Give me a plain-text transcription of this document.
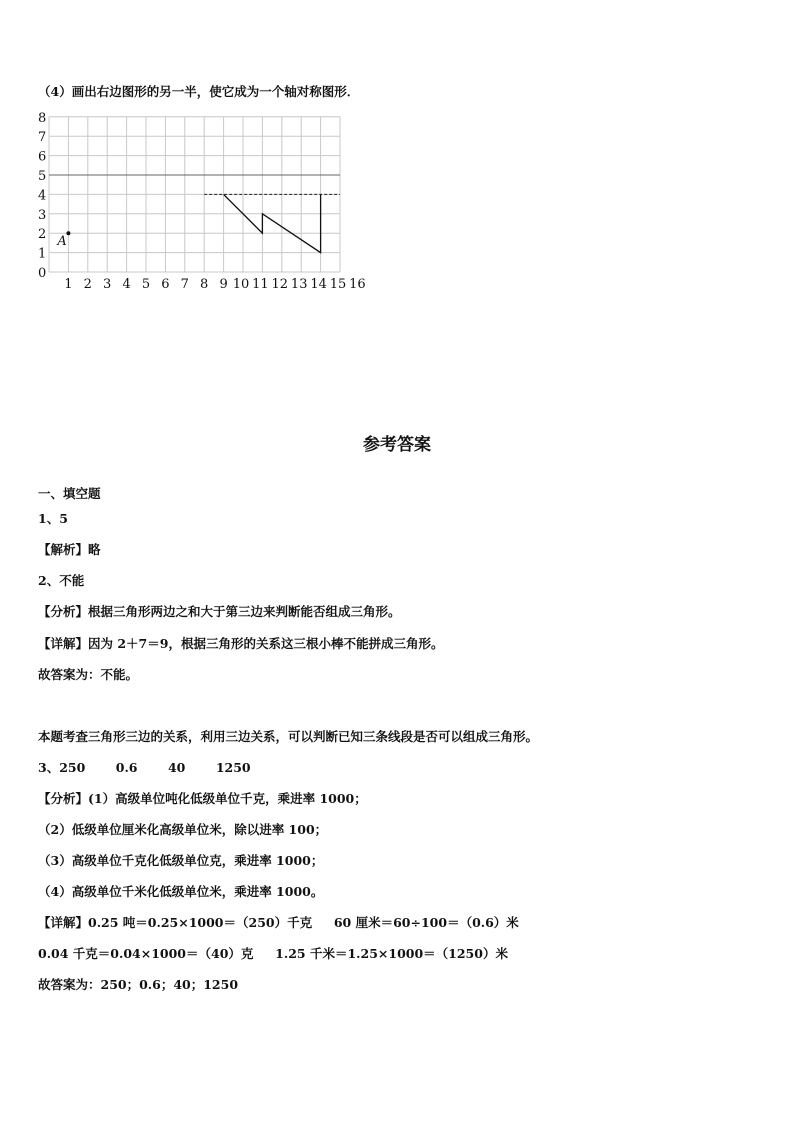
（4）画出右边图形的另一半，使它成为一个轴对称图形．
A
0
1
2
3
4
5
6
7
8
1 2 3 4 5 6 7 8 9 10 11 12 13 14 15 16
参考答案
一、填空题
1、5
【解析】略
2、不能
【分析】根据三角形两边之和大于第三边来判断能否组成三角形。
【详解】因为 2＋7＝9，根据三角形的关系这三根小棒不能拼成三角形。
故答案为：不能。
本题考查三角形三边的关系，利用三边关系，可以判断已知三条线段是否可以组成三角形。
3、250       0.6       40       1250
【分析】(1）高级单位吨化低级单位千克，乘进率 1000；
（2）低级单位厘米化高级单位米，除以进率 100；
（3）高级单位千克化低级单位克，乘进率 1000；
（4）高级单位千米化低级单位米，乘进率 1000。
【详解】0.25 吨＝0.25×1000＝（250）千克     60 厘米＝60÷100＝（0.6）米
0.04 千克＝0.04×1000＝（40）克     1.25 千米＝1.25×1000＝（1250）米
故答案为：250；0.6；40；1250
